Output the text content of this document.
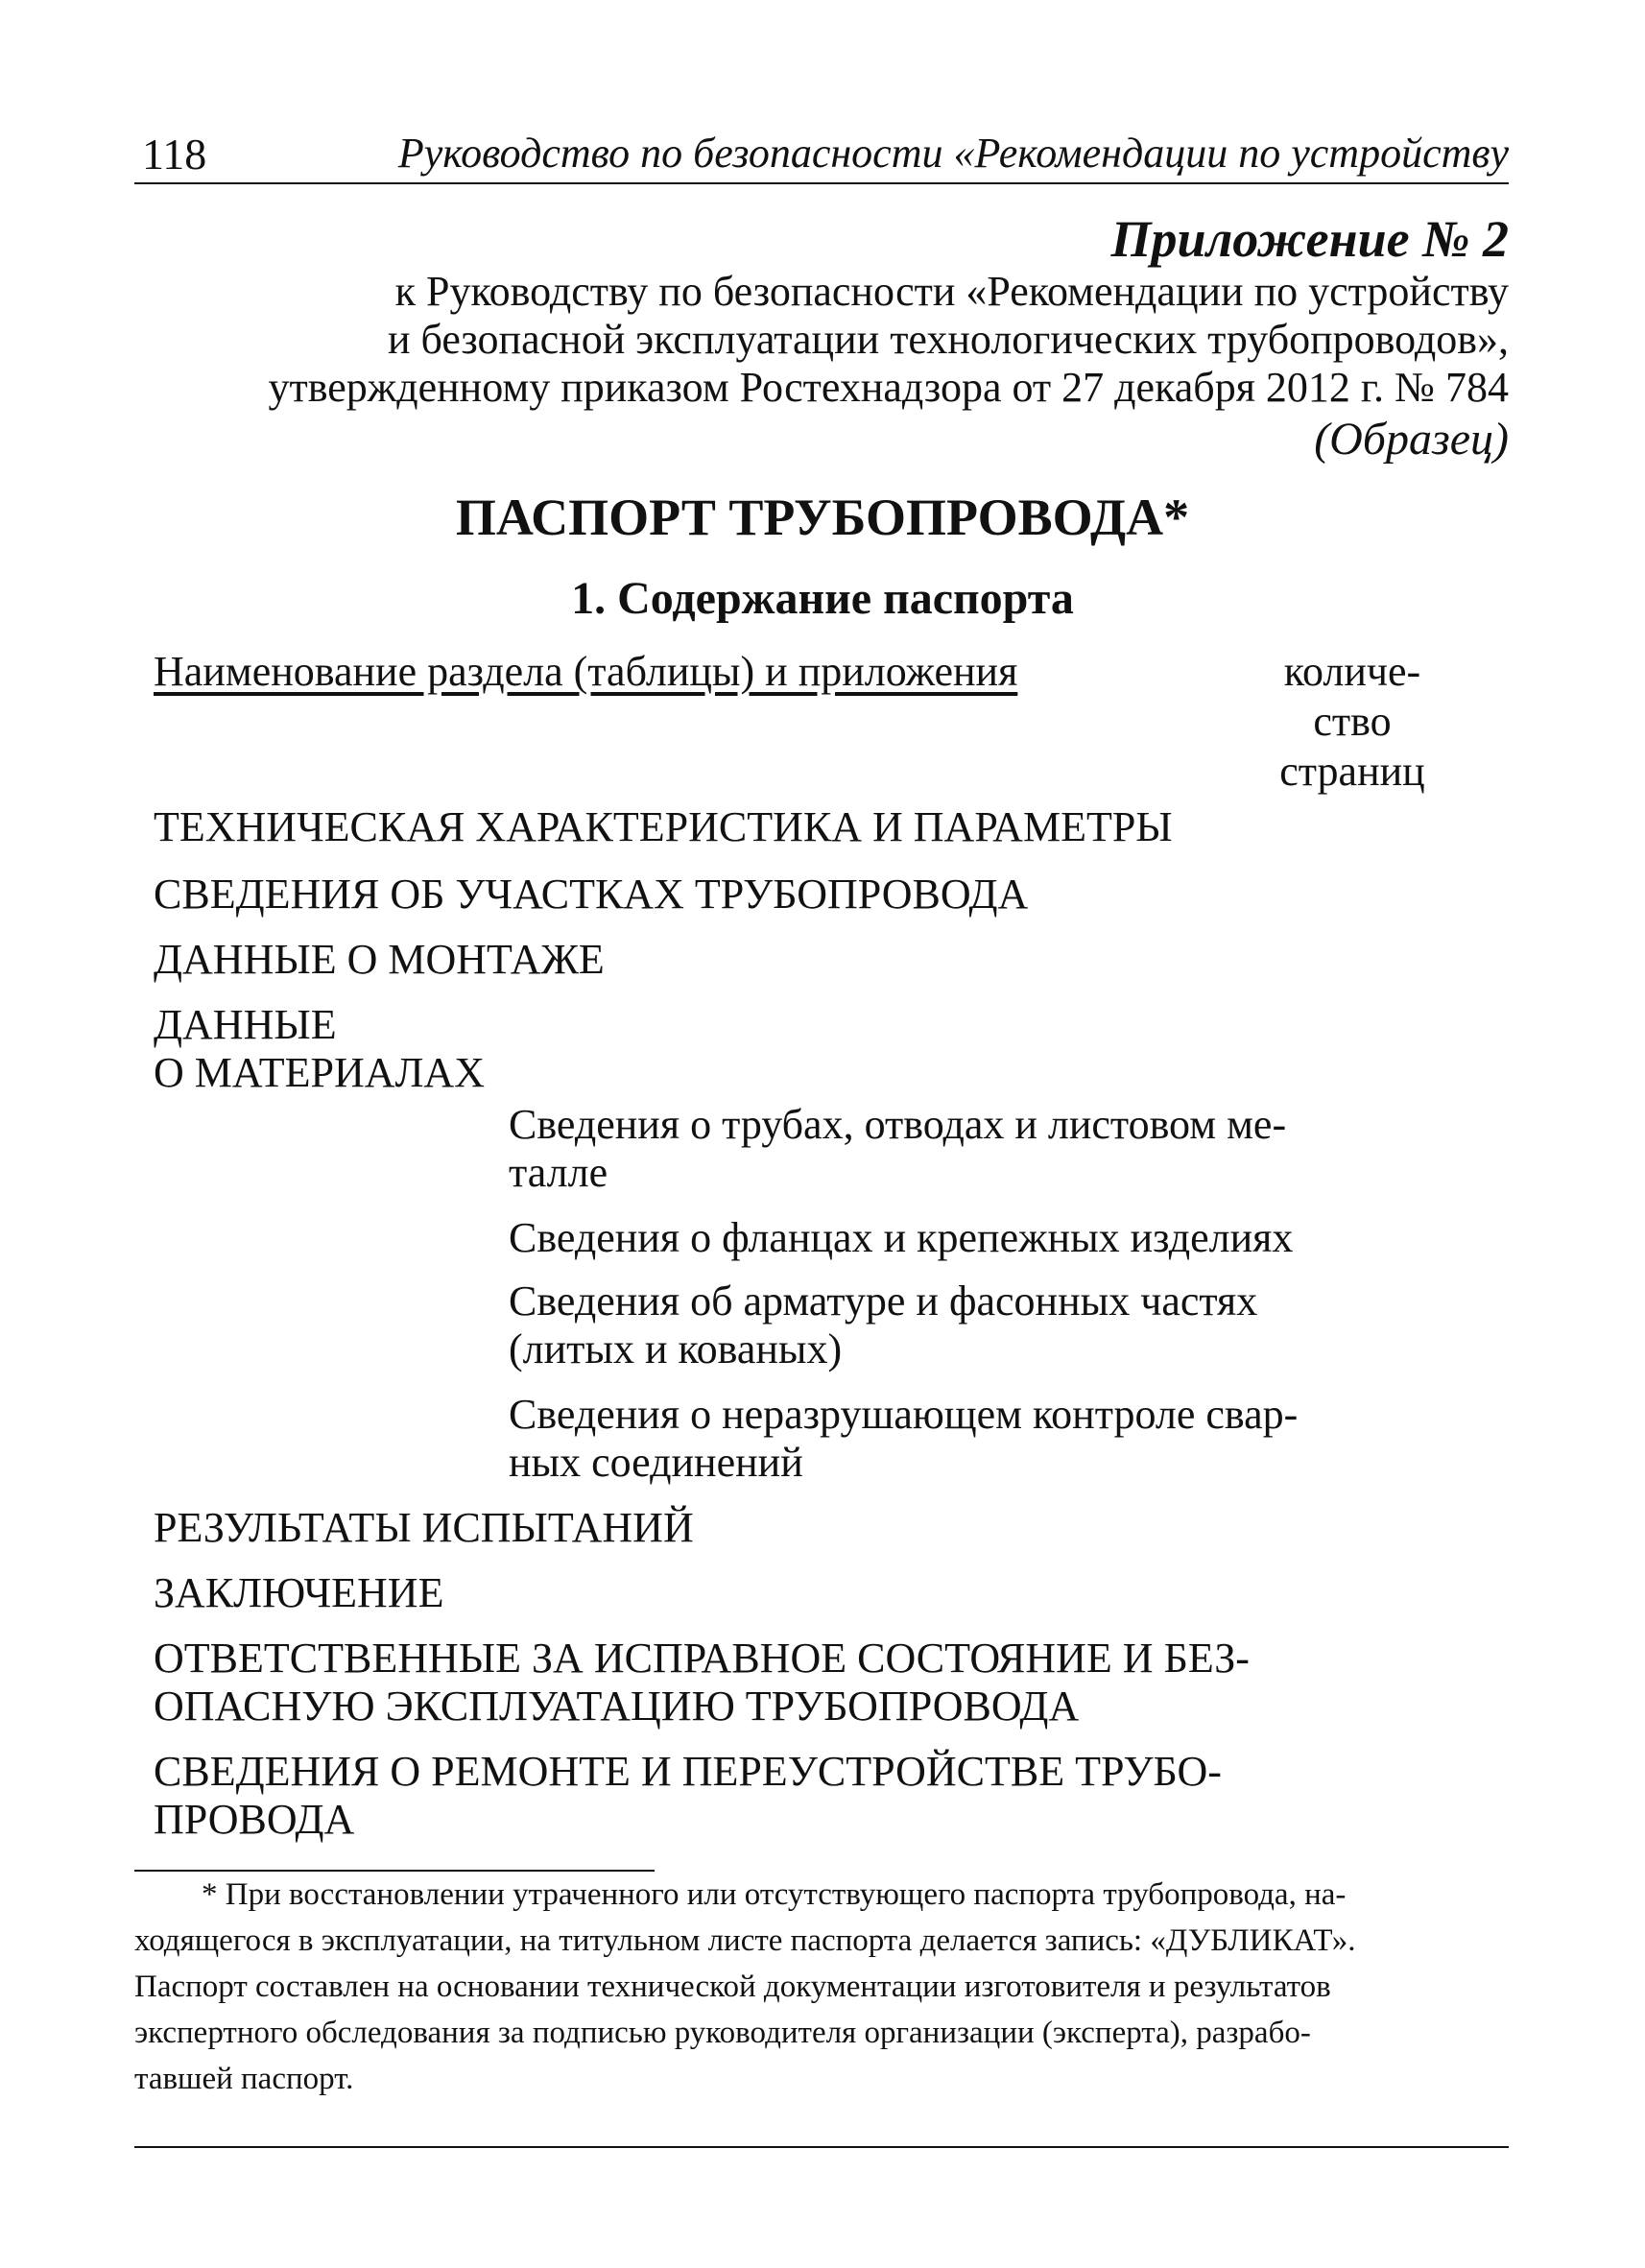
118	Руководство по безопасности «Рекомендации по устройству
Приложение № 2
к Руководству по безопасности «Рекомендации по устройству
и безопасной эксплуатации технологических трубопроводов»,
утвержденному приказом Ростехнадзора от 27 декабря 2012 г. № 784
(Образец)
ПАСПОРТ ТРУБОПРОВОДА*
1. Содержание паспорта
Наименование раздела (таблицы) и приложения	количе-
ство
страниц
ТЕХНИЧЕСКАЯ ХАРАКТЕРИСТИКА И ПАРАМЕТРЫ
СВЕДЕНИЯ ОБ УЧАСТКАХ ТРУБОПРОВОДА
ДАННЫЕ О МОНТАЖЕ
ДАННЫЕ
О МАТЕРИАЛАХ
Сведения о трубах, отводах и листовом ме-
талле
Сведения о фланцах и крепежных изделиях
Сведения об арматуре и фасонных частях
(литых и кованых)
Сведения о неразрушающем контроле свар-
ных соединений
РЕЗУЛЬТАТЫ ИСПЫТАНИЙ
ЗАКЛЮЧЕНИЕ
ОТВЕТСТВЕННЫЕ ЗА ИСПРАВНОЕ СОСТОЯНИЕ И БЕЗ-
ОПАСНУЮ ЭКСПЛУАТАЦИЮ ТРУБОПРОВОДА
СВЕДЕНИЯ О РЕМОНТЕ И ПЕРЕУСТРОЙСТВЕ ТРУБО-
ПРОВОДА
* При восстановлении утраченного или отсутствующего паспорта трубопровода, на-
ходящегося в эксплуатации, на титульном листе паспорта делается запись: «ДУБЛИКАТ».
Паспорт составлен на основании технической документации изготовителя и результатов
экспертного обследования за подписью руководителя организации (эксперта), разрабо-
тавшей паспорт.
